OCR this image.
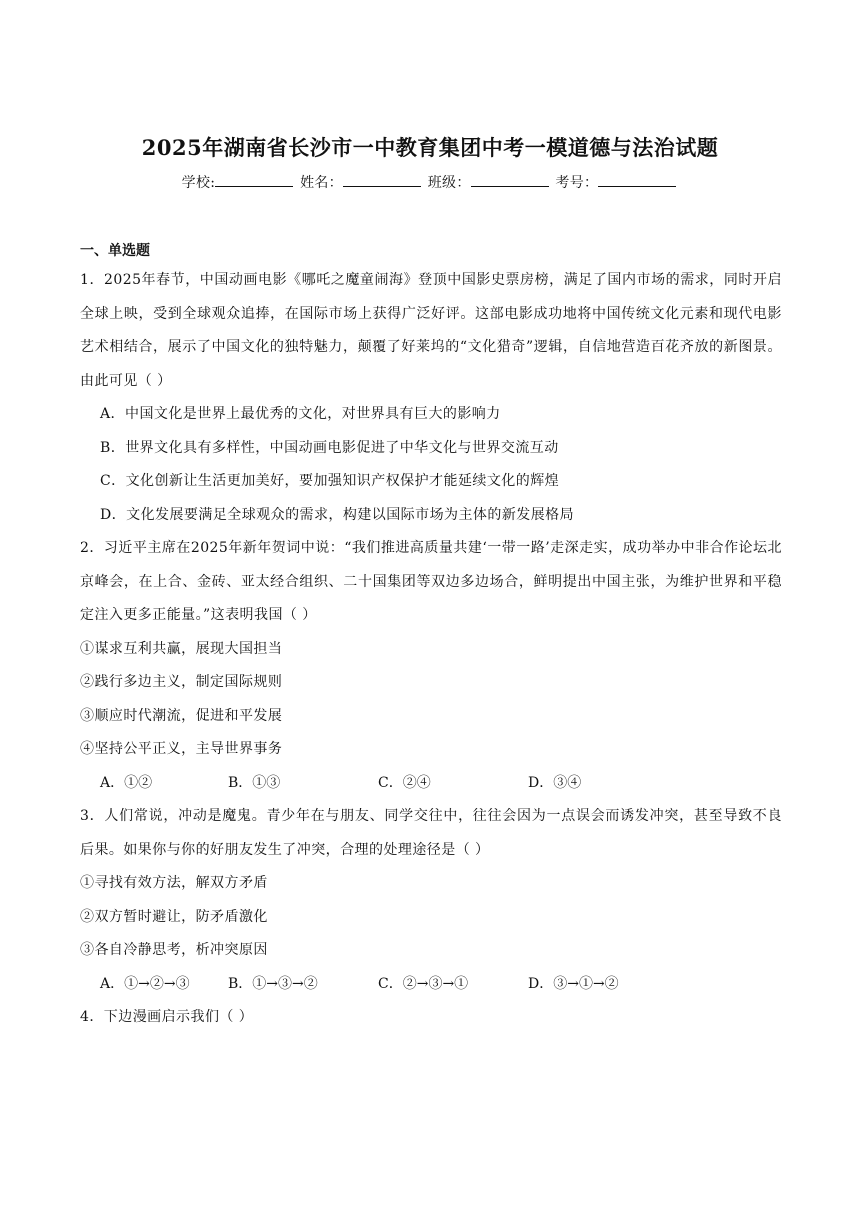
2025年湖南省长沙市一中教育集团中考一模道德与法治试题
学校:	姓名：	班级：	考号：
一、单选题

1．2025年春节，中国动画电影《哪吒之魔童闹海》登顶中国影史票房榜，满足了国内市场的需求，同时开启全球上映，受到全球观众追捧，在国际市场上获得广泛好评。这部电影成功地将中国传统文化元素和现代电影艺术相结合，展示了中国文化的独特魅力，颠覆了好莱坞的“文化猎奇”逻辑，自信地营造百花齐放的新图景。由此可见（ ）

A．中国文化是世界上最优秀的文化，对世界具有巨大的影响力

B．世界文化具有多样性，中国动画电影促进了中华文化与世界交流互动

C．文化创新让生活更加美好，要加强知识产权保护才能延续文化的辉煌

D．文化发展要满足全球观众的需求，构建以国际市场为主体的新发展格局

2．习近平主席在2025年新年贺词中说：“我们推进高质量共建‘一带一路’走深走实，成功举办中非合作论坛北京峰会，在上合、金砖、亚太经合组织、二十国集团等双边多边场合，鲜明提出中国主张，为维护世界和平稳定注入更多正能量。”这表明我国（ ）

①谋求互利共赢，展现大国担当

②践行多边主义，制定国际规则

③顺应时代潮流，促进和平发展

④坚持公平正义，主导世界事务

A．①②	B．①③	C．②④	D．③④

3．人们常说，冲动是魔鬼。青少年在与朋友、同学交往中，往往会因为一点误会而诱发冲突，甚至导致不良后果。如果你与你的好朋友发生了冲突，合理的处理途径是（ ）

①寻找有效方法，解双方矛盾

②双方暂时避让，防矛盾激化

③各自冷静思考，析冲突原因

A．①→②→③	B．①→③→②	C．②→③→①	D．③→①→②

4．下边漫画启示我们（ ）
